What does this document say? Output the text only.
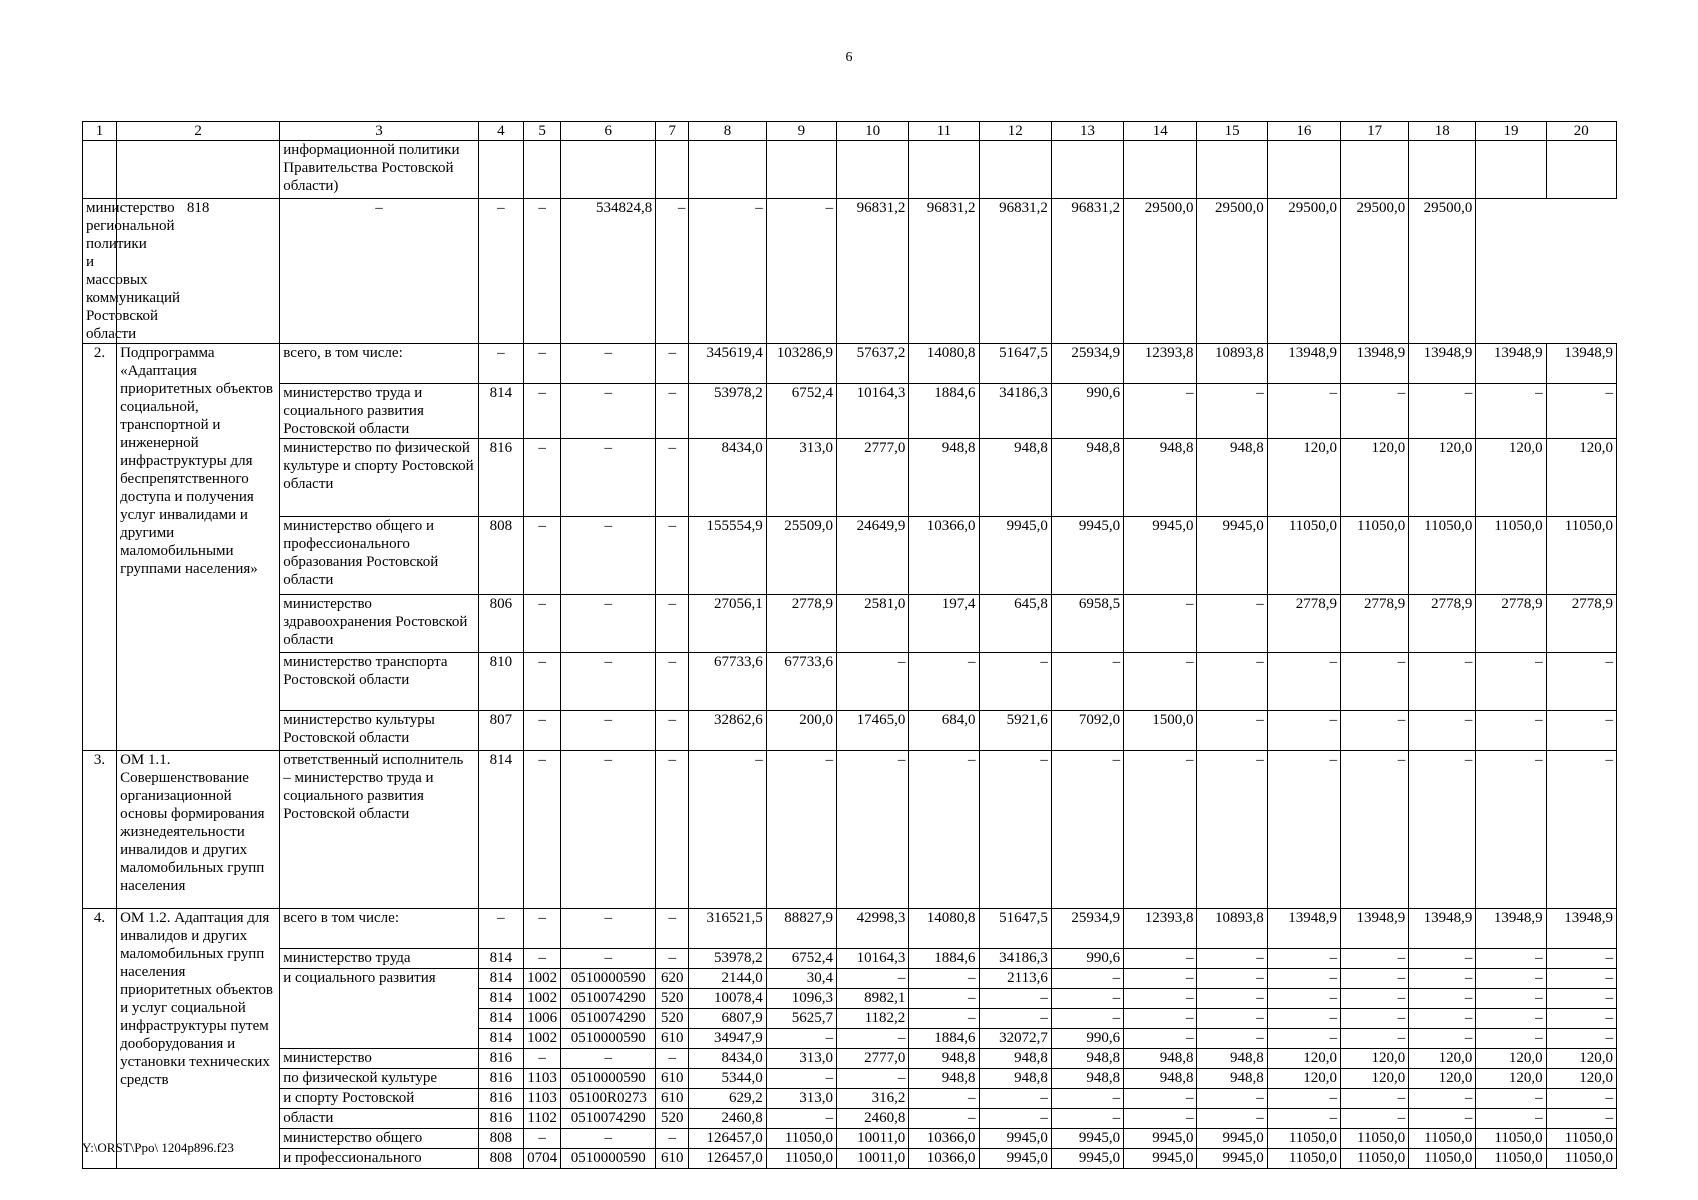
6
1	2	3	4	5	6	7	8	9	10	11	12	13	14	15	16	17	18	19	20
		информационной политики Правительства Ростовской области)																	
министерство региональной политики и массовых коммуникаций Ростовской области	818	–	–	–	534824,8	–	–	–	96831,2	96831,2	96831,2	96831,2	29500,0	29500,0	29500,0	29500,0	29500,0		
2.	Подпрограмма «Адаптация приоритетных объектов социальной, транспортной и инженерной инфраструктуры для беспрепятственного доступа и получения услуг инвалидами и другими маломобильными группами населения»	всего, в том числе:	–	–	–	–	345619,4	103286,9	57637,2	14080,8	51647,5	25934,9	12393,8	10893,8	13948,9	13948,9	13948,9	13948,9	13948,9
		министерство труда и социального развития Ростовской области	814	–	–	–	53978,2	6752,4	10164,3	1884,6	34186,3	990,6	–	–	–	–	–	–	–
		министерство по физической культуре и спорту Ростовской области	816	–	–	–	8434,0	313,0	2777,0	948,8	948,8	948,8	948,8	948,8	120,0	120,0	120,0	120,0	120,0
		министерство общего и профессионального образования Ростовской области	808	–	–	–	155554,9	25509,0	24649,9	10366,0	9945,0	9945,0	9945,0	9945,0	11050,0	11050,0	11050,0	11050,0	11050,0
		министерство здравоохранения Ростовской области	806	–	–	–	27056,1	2778,9	2581,0	197,4	645,8	6958,5	–	–	2778,9	2778,9	2778,9	2778,9	2778,9
		министерство транспорта Ростовской области	810	–	–	–	67733,6	67733,6	–	–	–	–	–	–	–	–	–	–	–
		министерство культуры Ростовской области	807	–	–	–	32862,6	200,0	17465,0	684,0	5921,6	7092,0	1500,0	–	–	–	–	–	–
3.	ОМ 1.1. Совершенствование организационной основы формирования жизнедеятельности инвалидов и других маломобильных групп населения	ответственный исполнитель – министерство труда и социального развития Ростовской области	814	–	–	–	–	–	–	–	–	–	–	–	–	–	–	–	–
4.	ОМ 1.2. Адаптация для инвалидов и других маломобильных групп населения приоритетных объектов и услуг социальной инфраструктуры путем дооборудования и установки технических средств	всего в том числе:	–	–	–	–	316521,5	88827,9	42998,3	14080,8	51647,5	25934,9	12393,8	10893,8	13948,9	13948,9	13948,9	13948,9	13948,9
		министерство труда	814	–	–	–	53978,2	6752,4	10164,3	1884,6	34186,3	990,6	–	–	–	–	–	–	–
		и социального развития	814	1002	0510000590	620	2144,0	30,4	–	–	2113,6	–	–	–	–	–	–	–	–
			814	1002	0510074290	520	10078,4	1096,3	8982,1	–	–	–	–	–	–	–	–	–	–
			814	1006	0510074290	520	6807,9	5625,7	1182,2	–	–	–	–	–	–	–	–	–	–
			814	1002	0510000590	610	34947,9	–	–	1884,6	32072,7	990,6	–	–	–	–	–	–	–
		министерство	816	–	–	–	8434,0	313,0	2777,0	948,8	948,8	948,8	948,8	948,8	120,0	120,0	120,0	120,0	120,0
		по физической культуре	816	1103	0510000590	610	5344,0	–	–	948,8	948,8	948,8	948,8	948,8	120,0	120,0	120,0	120,0	120,0
		и спорту Ростовской	816	1103	05100R0273	610	629,2	313,0	316,2	–	–	–	–	–	–	–	–	–	–
		области	816	1102	0510074290	520	2460,8	–	2460,8	–	–	–	–	–	–	–	–	–	–
		министерство общего	808	–	–	–	126457,0	11050,0	10011,0	10366,0	9945,0	9945,0	9945,0	9945,0	11050,0	11050,0	11050,0	11050,0	11050,0
		и профессионального	808	0704	0510000590	610	126457,0	11050,0	10011,0	10366,0	9945,0	9945,0	9945,0	9945,0	11050,0	11050,0	11050,0	11050,0	11050,0
Y:\ORST\Ppo\ 1204p896.f23
